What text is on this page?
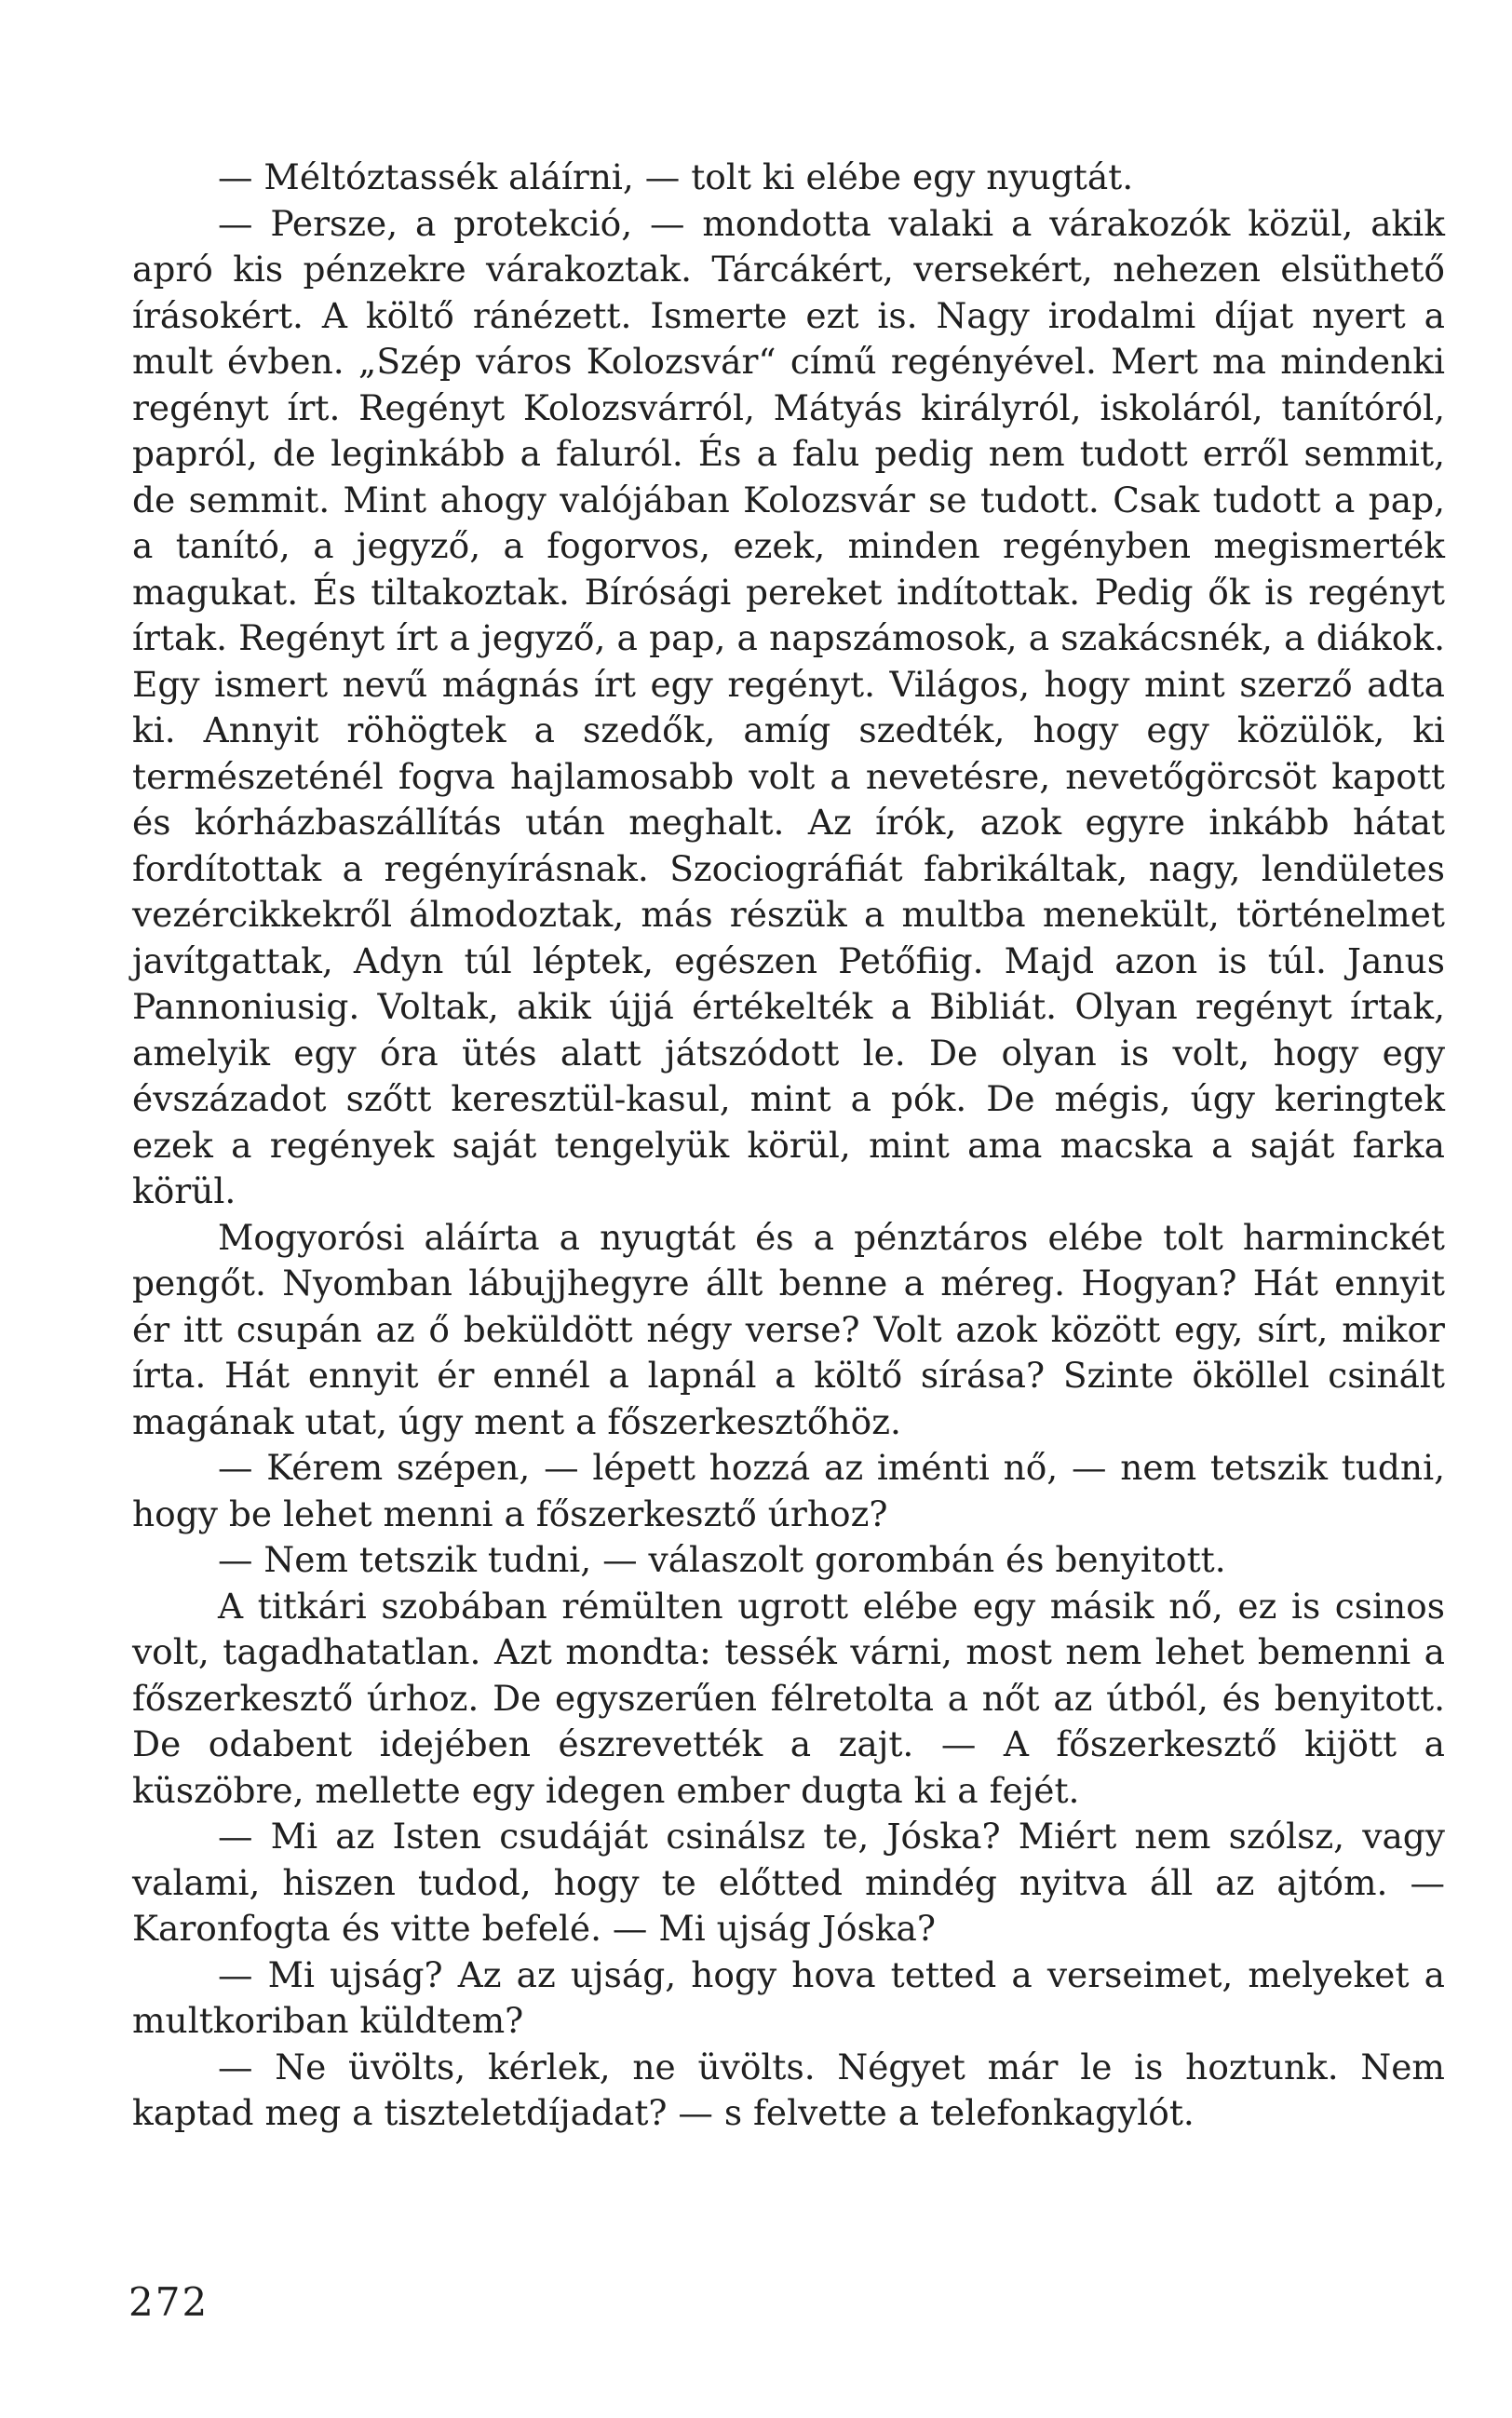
— Méltóztassék aláírni, — tolt ki elébe egy nyugtát.

— Persze, a protekció, — mondotta valaki a várakozók közül, akik apró kis pénzekre várakoztak. Tárcákért, versekért, nehezen elsüthető írásokért. A költő ránézett. Ismerte ezt is. Nagy irodalmi díjat nyert a mult évben. „Szép város Kolozsvár“ című regényével. Mert ma mindenki regényt írt. Regényt Kolozsvárról, Mátyás királyról, iskoláról, tanítóról, papról, de leginkább a faluról. És a falu pedig nem tudott erről semmit, de semmit. Mint ahogy valójában Kolozsvár se tudott. Csak tudott a pap, a tanító, a jegyző, a fogorvos, ezek, minden regényben megismerték magukat. És tiltakoztak. Bírósági pereket indítottak. Pedig ők is regényt írtak. Regényt írt a jegyző, a pap, a napszámosok, a szakácsnék, a diákok. Egy ismert nevű mágnás írt egy regényt. Világos, hogy mint szerző adta ki. Annyit röhögtek a szedők, amíg szedték, hogy egy közülök, ki természeténél fogva hajlamosabb volt a nevetésre, nevetőgörcsöt kapott és kórházbaszállítás után meghalt. Az írók, azok egyre inkább hátat fordítottak a regényírásnak. Szociográfiát fabrikáltak, nagy, lendületes vezércikkekről álmodoztak, más részük a multba menekült, történelmet javítgattak, Adyn túl léptek, egészen Petőfiig. Majd azon is túl. Janus Pannoniusig. Voltak, akik újjá értékelték a Bibliát. Olyan regényt írtak, amelyik egy óra ütés alatt játszódott le. De olyan is volt, hogy egy évszázadot szőtt keresztül-kasul, mint a pók. De mégis, úgy keringtek ezek a regények saját tengelyük körül, mint ama macska a saját farka körül.

Mogyorósi aláírta a nyugtát és a pénztáros elébe tolt harminckét pengőt. Nyomban lábujjhegyre állt benne a méreg. Hogyan? Hát ennyit ér itt csupán az ő beküldött négy verse? Volt azok között egy, sírt, mikor írta. Hát ennyit ér ennél a lapnál a költő sírása? Szinte ököllel csinált magának utat, úgy ment a főszerkesztőhöz.

— Kérem szépen, — lépett hozzá az iménti nő, — nem tetszik tudni, hogy be lehet menni a főszerkesztő úrhoz?

— Nem tetszik tudni, — válaszolt gorombán és benyitott.

A titkári szobában rémülten ugrott elébe egy másik nő, ez is csinos volt, tagadhatatlan. Azt mondta: tessék várni, most nem lehet bemenni a főszerkesztő úrhoz. De egyszerűen félretolta a nőt az útból, és benyitott. De odabent idejében észrevették a zajt. — A főszerkesztő kijött a küszöbre, mellette egy idegen ember dugta ki a fejét.

— Mi az Isten csudáját csinálsz te, Jóska? Miért nem szólsz, vagy valami, hiszen tudod, hogy te előtted mindég nyitva áll az ajtóm. — Karonfogta és vitte befelé. — Mi ujság Jóska?

— Mi ujság? Az az ujság, hogy hova tetted a verseimet, melyeket a multkoriban küldtem?

— Ne üvölts, kérlek, ne üvölts. Négyet már le is hoztunk. Nem kaptad meg a tiszteletdíjadat? — s felvette a telefonkagylót.

272
